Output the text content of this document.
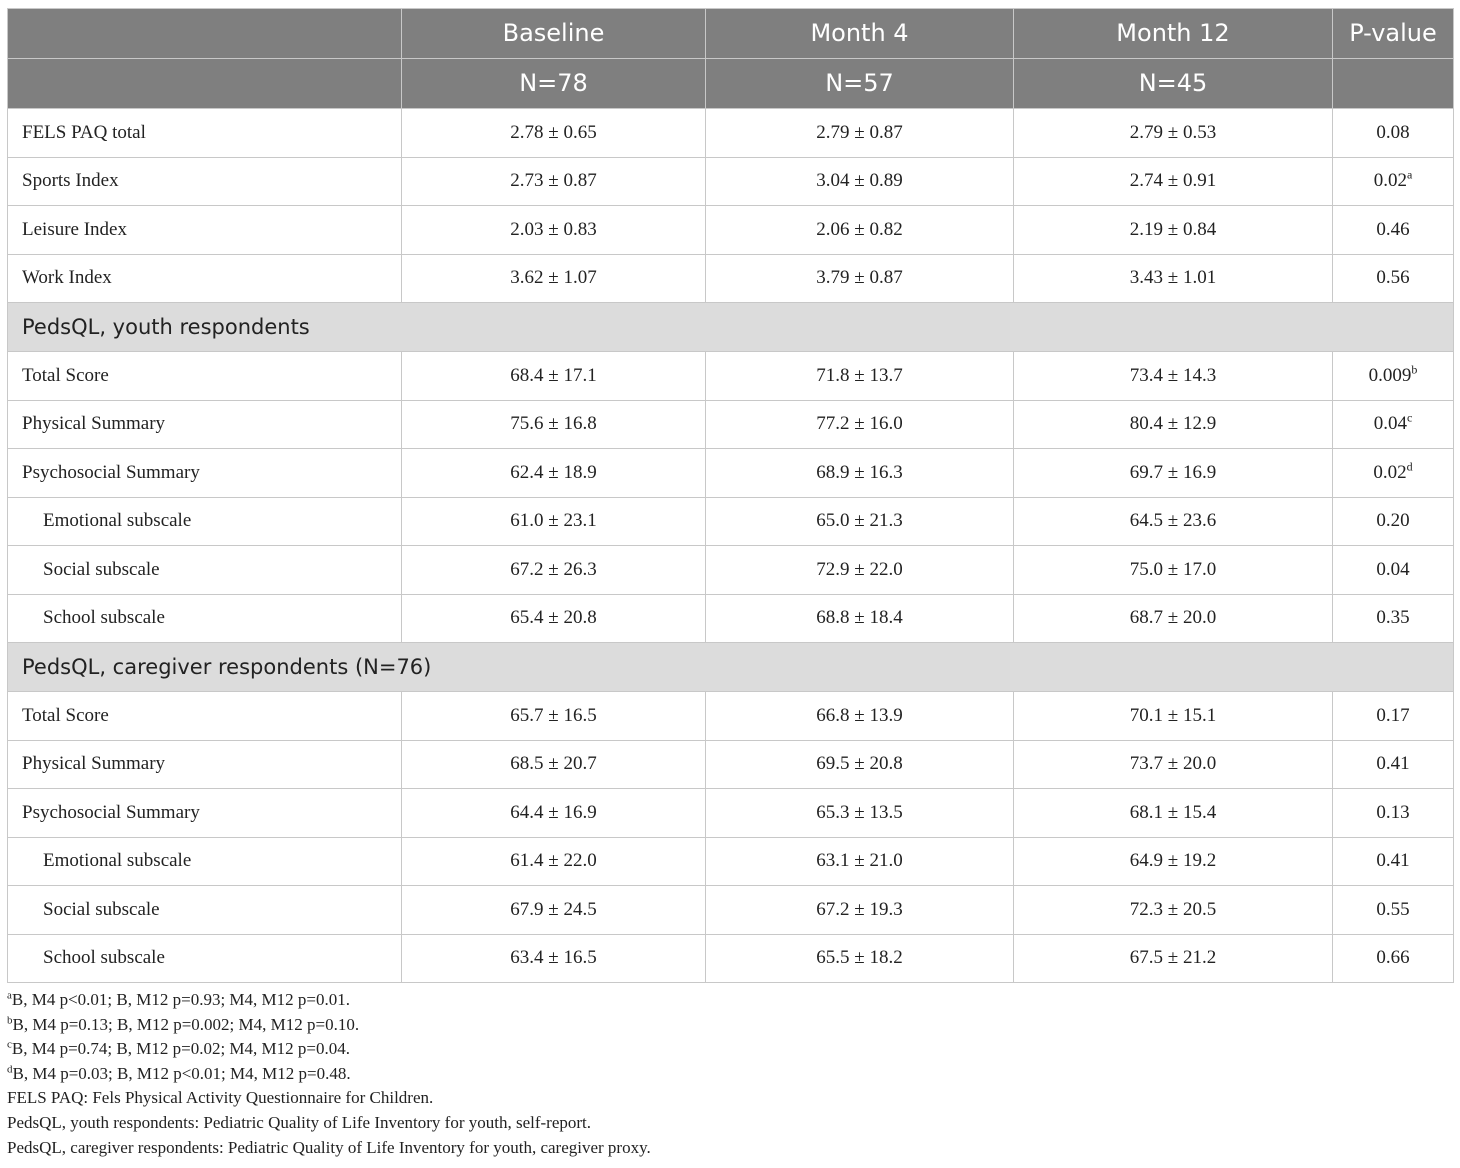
	Baseline	Month 4	Month 12	P-value
	N=78	N=57	N=45	
FELS PAQ total	2.78 ± 0.65	2.79 ± 0.87	2.79 ± 0.53	0.08
Sports Index	2.73 ± 0.87	3.04 ± 0.89	2.74 ± 0.91	0.02$^a$
Leisure Index	2.03 ± 0.83	2.06 ± 0.82	2.19 ± 0.84	0.46
Work Index	3.62 ± 1.07	3.79 ± 0.87	3.43 ± 1.01	0.56
PedsQL, youth respondents				
Total Score	68.4 ± 17.1	71.8 ± 13.7	73.4 ± 14.3	0.009$^b$
Physical Summary	75.6 ± 16.8	77.2 ± 16.0	80.4 ± 12.9	0.04$^c$
Psychosocial Summary	62.4 ± 18.9	68.9 ± 16.3	69.7 ± 16.9	0.02$^d$
Emotional subscale	61.0 ± 23.1	65.0 ± 21.3	64.5 ± 23.6	0.20
Social subscale	67.2 ± 26.3	72.9 ± 22.0	75.0 ± 17.0	0.04
School subscale	65.4 ± 20.8	68.8 ± 18.4	68.7 ± 20.0	0.35
PedsQL, caregiver respondents (N=76)				
Total Score	65.7 ± 16.5	66.8 ± 13.9	70.1 ± 15.1	0.17
Physical Summary	68.5 ± 20.7	69.5 ± 20.8	73.7 ± 20.0	0.41
Psychosocial Summary	64.4 ± 16.9	65.3 ± 13.5	68.1 ± 15.4	0.13
Emotional subscale	61.4 ± 22.0	63.1 ± 21.0	64.9 ± 19.2	0.41
Social subscale	67.9 ± 24.5	67.2 ± 19.3	72.3 ± 20.5	0.55
School subscale	63.4 ± 16.5	65.5 ± 18.2	67.5 ± 21.2	0.66
$^a$B, M4 p<0.01; B, M12 p=0.93; M4, M12 p=0.01.
$^b$B, M4 p=0.13; B, M12 p=0.002; M4, M12 p=0.10.
$^c$B, M4 p=0.74; B, M12 p=0.02; M4, M12 p=0.04.
$^d$B, M4 p=0.03; B, M12 p<0.01; M4, M12 p=0.48.
FELS PAQ: Fels Physical Activity Questionnaire for Children.
PedsQL, youth respondents: Pediatric Quality of Life Inventory for youth, self-report.
PedsQL, caregiver respondents: Pediatric Quality of Life Inventory for youth, caregiver proxy.
